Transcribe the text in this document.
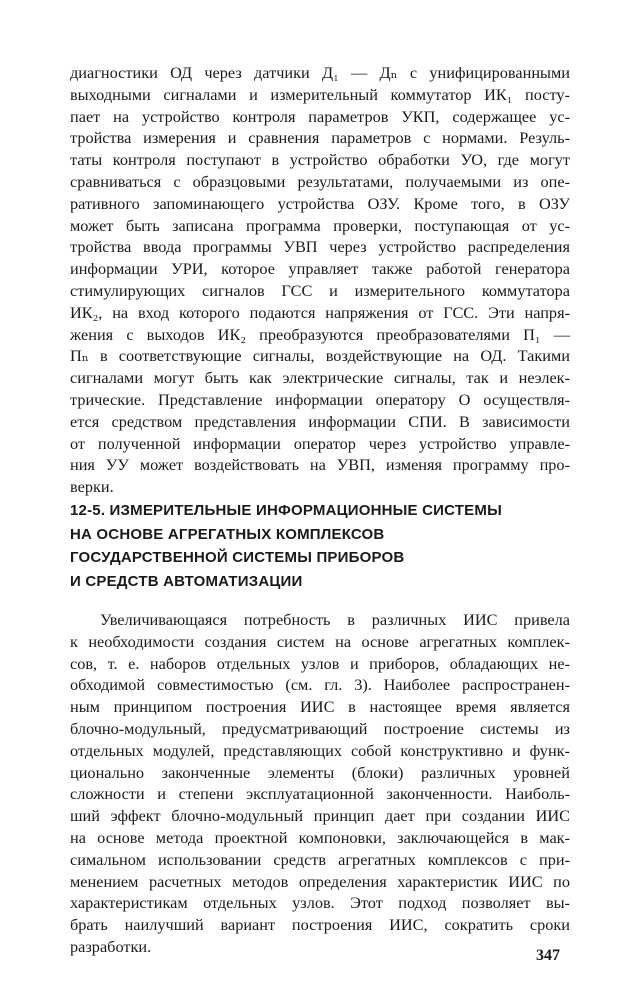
диагностики ОД через датчики Д₁ — Дₙ с унифицированными
выходными сигналами и измерительный коммутатор ИК₁ посту-
пает на устройство контроля параметров УКП, содержащее ус-
тройства измерения и сравнения параметров с нормами. Резуль-
таты контроля поступают в устройство обработки УО, где могут
сравниваться с образцовыми результатами, получаемыми из опе-
ративного запоминающего устройства ОЗУ. Кроме того, в ОЗУ
может быть записана программа проверки, поступающая от ус-
тройства ввода программы УВП через устройство распределения
информации УРИ, которое управляет также работой генератора
стимулирующих сигналов ГСС и измерительного коммутатора
ИК₂, на вход которого подаются напряжения от ГСС. Эти напря-
жения с выходов ИК₂ преобразуются преобразователями П₁ —
Пₙ в соответствующие сигналы, воздействующие на ОД. Такими
сигналами могут быть как электрические сигналы, так и неэлек-
трические. Представление информации оператору О осуществля-
ется средством представления информации СПИ. В зависимости
от полученной информации оператор через устройство управле-
ния УУ может воздействовать на УВП, изменяя программу про-
верки.
12-5. ИЗМЕРИТЕЛЬНЫЕ ИНФОРМАЦИОННЫЕ СИСТЕМЫ
НА ОСНОВЕ АГРЕГАТНЫХ КОМПЛЕКСОВ
ГОСУДАРСТВЕННОЙ СИСТЕМЫ ПРИБОРОВ
И СРЕДСТВ АВТОМАТИЗАЦИИ
Увеличивающаяся потребность в различных ИИС привела
к необходимости создания систем на основе агрегатных комплек-
сов, т. е. наборов отдельных узлов и приборов, обладающих не-
обходимой совместимостью (см. гл. 3). Наиболее распространен-
ным принципом построения ИИС в настоящее время является
блочно-модульный, предусматривающий построение системы из
отдельных модулей, представляющих собой конструктивно и функ-
ционально законченные элементы (блоки) различных уровней
сложности и степени эксплуатационной законченности. Наиболь-
ший эффект блочно-модульный принцип дает при создании ИИС
на основе метода проектной компоновки, заключающейся в мак-
симальном использовании средств агрегатных комплексов с при-
менением расчетных методов определения характеристик ИИС по
характеристикам отдельных узлов. Этот подход позволяет вы-
брать наилучший вариант построения ИИС, сократить сроки
разработки.	347
